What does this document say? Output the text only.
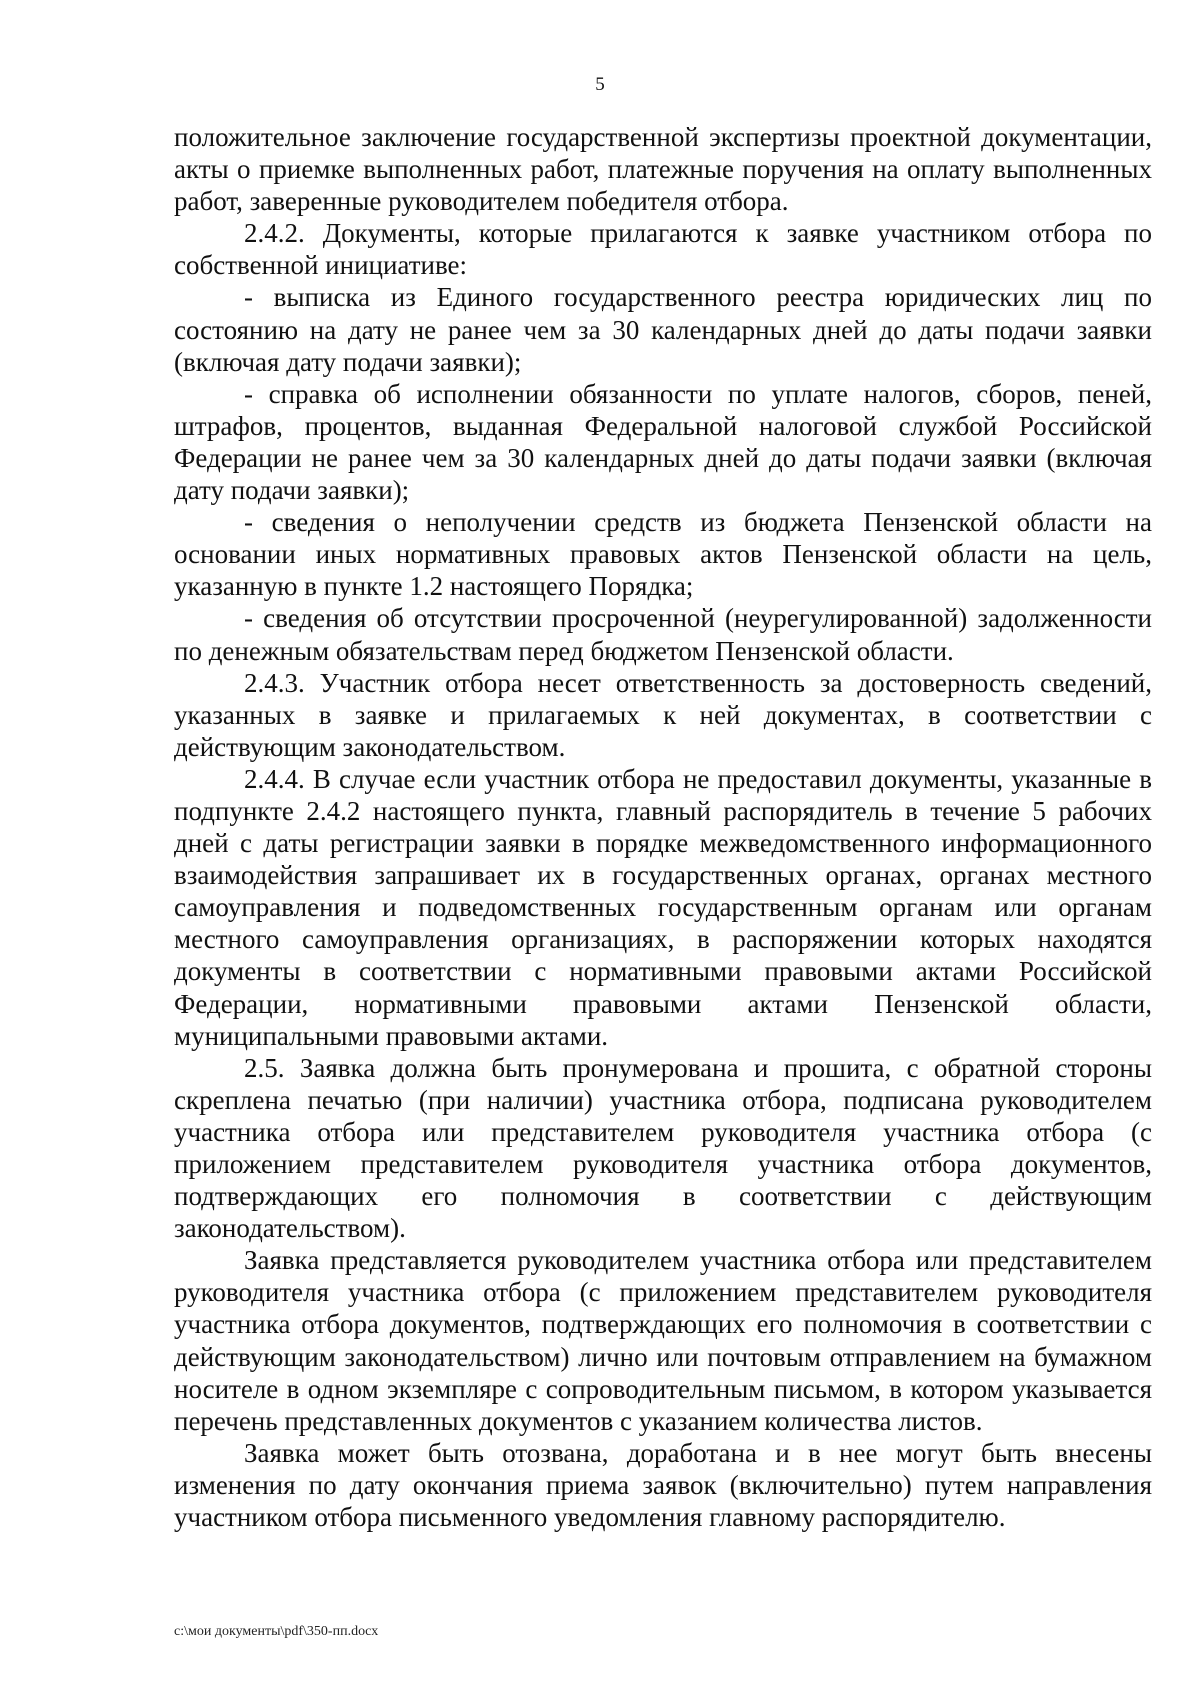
5

положительное заключение государственной экспертизы проектной документации, акты о приемке выполненных работ, платежные поручения на оплату выполненных работ, заверенные руководителем победителя отбора.

2.4.2. Документы, которые прилагаются к заявке участником отбора по собственной инициативе:

- выписка из Единого государственного реестра юридических лиц по состоянию на дату не ранее чем за 30 календарных дней до даты подачи заявки (включая дату подачи заявки);

- справка об исполнении обязанности по уплате налогов, сборов, пеней, штрафов, процентов, выданная Федеральной налоговой службой Российской Федерации не ранее чем за 30 календарных дней до даты подачи заявки (включая дату подачи заявки);

- сведения о неполучении средств из бюджета Пензенской области на основании иных нормативных правовых актов Пензенской области на цель, указанную в пункте 1.2 настоящего Порядка;

- сведения об отсутствии просроченной (неурегулированной) задолженности по денежным обязательствам перед бюджетом Пензенской области.

2.4.3. Участник отбора несет ответственность за достоверность сведений, указанных в заявке и прилагаемых к ней документах, в соответствии с действующим законодательством.

2.4.4. В случае если участник отбора не предоставил документы, указанные в подпункте 2.4.2 настоящего пункта, главный распорядитель в течение 5 рабочих дней с даты регистрации заявки в порядке межведомственного информационного взаимодействия запрашивает их в государственных органах, органах местного самоуправления и подведомственных государственным органам или органам местного самоуправления организациях, в распоряжении которых находятся документы в соответствии с нормативными правовыми актами Российской Федерации, нормативными правовыми актами Пензенской области, муниципальными правовыми актами.

2.5. Заявка должна быть пронумерована и прошита, с обратной стороны скреплена печатью (при наличии) участника отбора, подписана руководителем участника отбора или представителем руководителя участника отбора (с приложением представителем руководителя участника отбора документов, подтверждающих его полномочия в соответствии с действующим законодательством).

Заявка представляется руководителем участника отбора или представителем руководителя участника отбора (с приложением представителем руководителя участника отбора документов, подтверждающих его полномочия в соответствии с действующим законодательством) лично или почтовым отправлением на бумажном носителе в одном экземпляре с сопроводительным письмом, в котором указывается перечень представленных документов с указанием количества листов.

Заявка может быть отозвана, доработана и в нее могут быть внесены изменения по дату окончания приема заявок (включительно) путем направления участником отбора письменного уведомления главному распорядителю.

c:\мои документы\pdf\350-пп.docx
